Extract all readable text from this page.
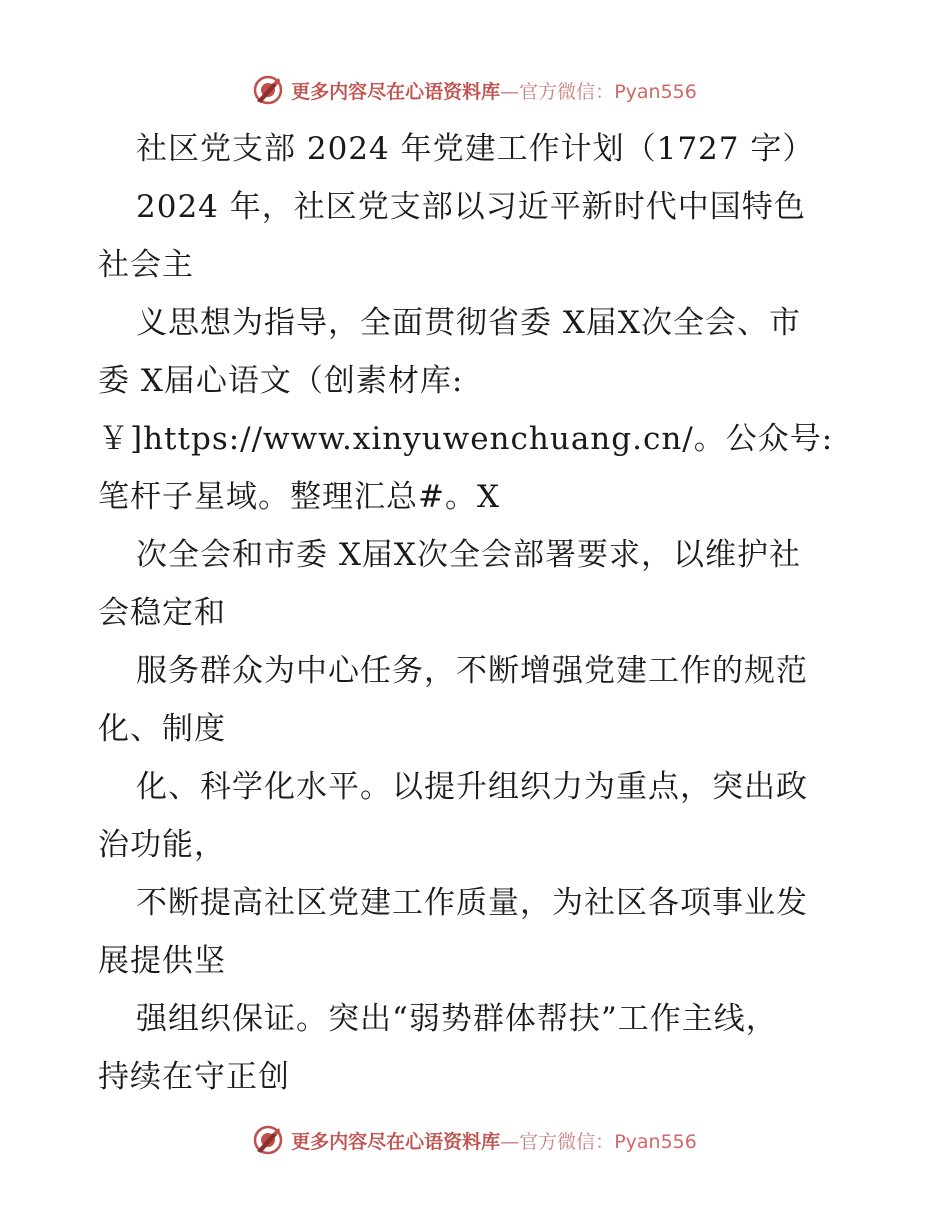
更多内容尽在心语资料库—官方微信：Pyan556
社区党支部 2024 年党建工作计划（1727 字）
2024 年，社区党支部以习近平新时代中国特色
社会主
义思想为指导，全面贯彻省委 X届X次全会、市
委 X届心语文（创素材库:
￥]https://www.xinyuwenchuang.cn/。公众号:
笔杆子星域。整理汇总#。X
次全会和市委 X届X次全会部署要求，以维护社
会稳定和
服务群众为中心任务，不断增强党建工作的规范
化、制度
化、科学化水平。以提升组织力为重点，突出政
治功能，
不断提高社区党建工作质量，为社区各项事业发
展提供坚
强组织保证。突出“弱势群体帮扶”工作主线，
持续在守正创
更多内容尽在心语资料库—官方微信：Pyan556
